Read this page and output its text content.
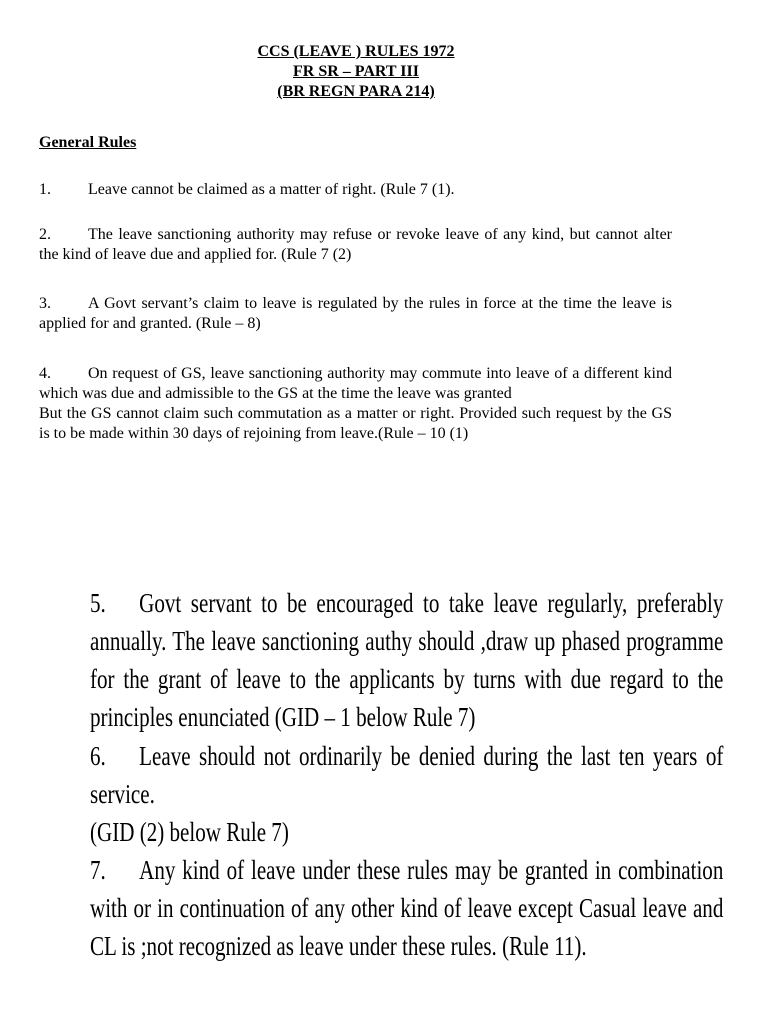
CCS (LEAVE ) RULES 1972
FR SR – PART III
(BR REGN PARA 214)
General Rules
1. Leave cannot be claimed as a matter of right. (Rule 7 (1).
2. The leave sanctioning authority may refuse or revoke leave of any kind, but cannot alter the kind of leave due and applied for. (Rule 7 (2)
3. A Govt servant’s claim to leave is regulated by the rules in force at the time the leave is applied for and granted. (Rule – 8)
4. On request of GS, leave sanctioning authority may commute into leave of a different kind which was due and admissible to the GS at the time the leave was granted
But the GS cannot claim such commutation as a matter or right. Provided such request by the GS is to be made within 30 days of rejoining from leave.(Rule – 10 (1)
5. Govt servant to be encouraged to take leave regularly, preferably annually. The leave sanctioning authy should ,draw up phased programme for the grant of leave to the applicants by turns with due regard to the principles enunciated (GID – 1 below Rule 7)
6. Leave should not ordinarily be denied during the last ten years of service.
(GID (2) below Rule 7)
7. Any kind of leave under these rules may be granted in combination with or in continuation of any other kind of leave except Casual leave and CL is ;not recognized as leave under these rules. (Rule 11).
